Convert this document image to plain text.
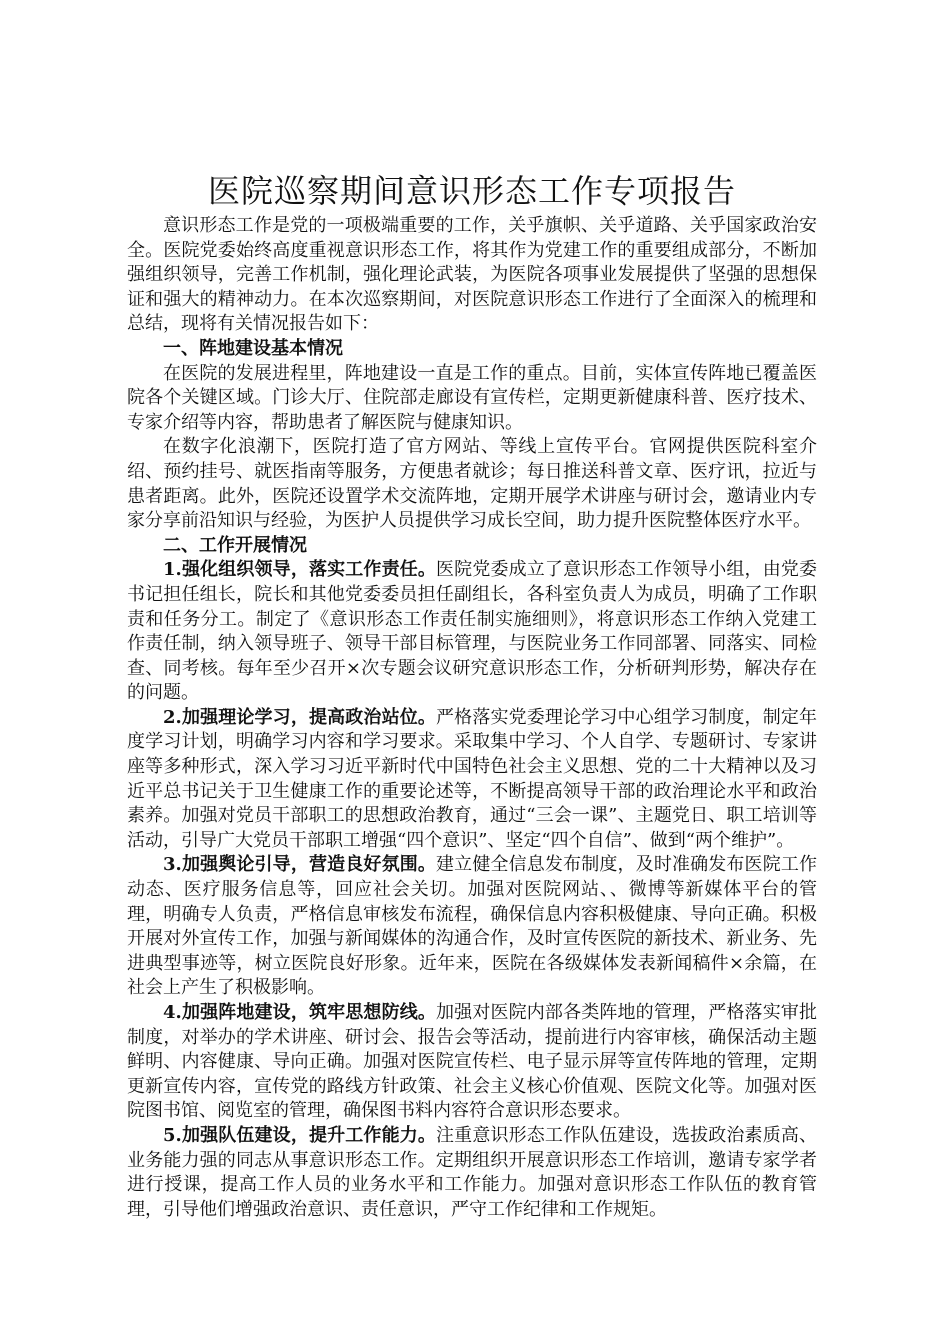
医院巡察期间意识形态工作专项报告

意识形态工作是党的一项极端重要的工作，关乎旗帜、关乎道路、关乎国家政治安全。医院党委始终高度重视意识形态工作，将其作为党建工作的重要组成部分，不断加强组织领导，完善工作机制，强化理论武装，为医院各项事业发展提供了坚强的思想保证和强大的精神动力。在本次巡察期间，对医院意识形态工作进行了全面深入的梳理和总结，现将有关情况报告如下：

一、阵地建设基本情况

在医院的发展进程里，阵地建设一直是工作的重点。目前，实体宣传阵地已覆盖医院各个关键区域。门诊大厅、住院部走廊设有宣传栏，定期更新健康科普、医疗技术、专家介绍等内容，帮助患者了解医院与健康知识。

在数字化浪潮下，医院打造了官方网站、等线上宣传平台。官网提供医院科室介绍、预约挂号、就医指南等服务，方便患者就诊；每日推送科普文章、医疗讯，拉近与患者距离。此外，医院还设置学术交流阵地，定期开展学术讲座与研讨会，邀请业内专家分享前沿知识与经验，为医护人员提供学习成长空间，助力提升医院整体医疗水平。

二、工作开展情况

1.强化组织领导，落实工作责任。医院党委成立了意识形态工作领导小组，由党委书记担任组长，院长和其他党委委员担任副组长，各科室负责人为成员，明确了工作职责和任务分工。制定了《意识形态工作责任制实施细则》，将意识形态工作纳入党建工作责任制，纳入领导班子、领导干部目标管理，与医院业务工作同部署、同落实、同检查、同考核。每年至少召开×次专题会议研究意识形态工作，分析研判形势，解决存在的问题。

2.加强理论学习，提高政治站位。严格落实党委理论学习中心组学习制度，制定年度学习计划，明确学习内容和学习要求。采取集中学习、个人自学、专题研讨、专家讲座等多种形式，深入学习习近平新时代中国特色社会主义思想、党的二十大精神以及习近平总书记关于卫生健康工作的重要论述等，不断提高领导干部的政治理论水平和政治素养。加强对党员干部职工的思想政治教育，通过“三会一课”、主题党日、职工培训等活动，引导广大党员干部职工增强“四个意识”、坚定“四个自信”、做到“两个维护”。

3.加强舆论引导，营造良好氛围。建立健全信息发布制度，及时准确发布医院工作动态、医疗服务信息等，回应社会关切。加强对医院网站、、微博等新媒体平台的管理，明确专人负责，严格信息审核发布流程，确保信息内容积极健康、导向正确。积极开展对外宣传工作，加强与新闻媒体的沟通合作，及时宣传医院的新技术、新业务、先进典型事迹等，树立医院良好形象。近年来，医院在各级媒体发表新闻稿件×余篇，在社会上产生了积极影响。

4.加强阵地建设，筑牢思想防线。加强对医院内部各类阵地的管理，严格落实审批制度，对举办的学术讲座、研讨会、报告会等活动，提前进行内容审核，确保活动主题鲜明、内容健康、导向正确。加强对医院宣传栏、电子显示屏等宣传阵地的管理，定期更新宣传内容，宣传党的路线方针政策、社会主义核心价值观、医院文化等。加强对医院图书馆、阅览室的管理，确保图书料内容符合意识形态要求。

5.加强队伍建设，提升工作能力。注重意识形态工作队伍建设，选拔政治素质高、业务能力强的同志从事意识形态工作。定期组织开展意识形态工作培训，邀请专家学者进行授课，提高工作人员的业务水平和工作能力。加强对意识形态工作队伍的教育管理，引导他们增强政治意识、责任意识，严守工作纪律和工作规矩。
